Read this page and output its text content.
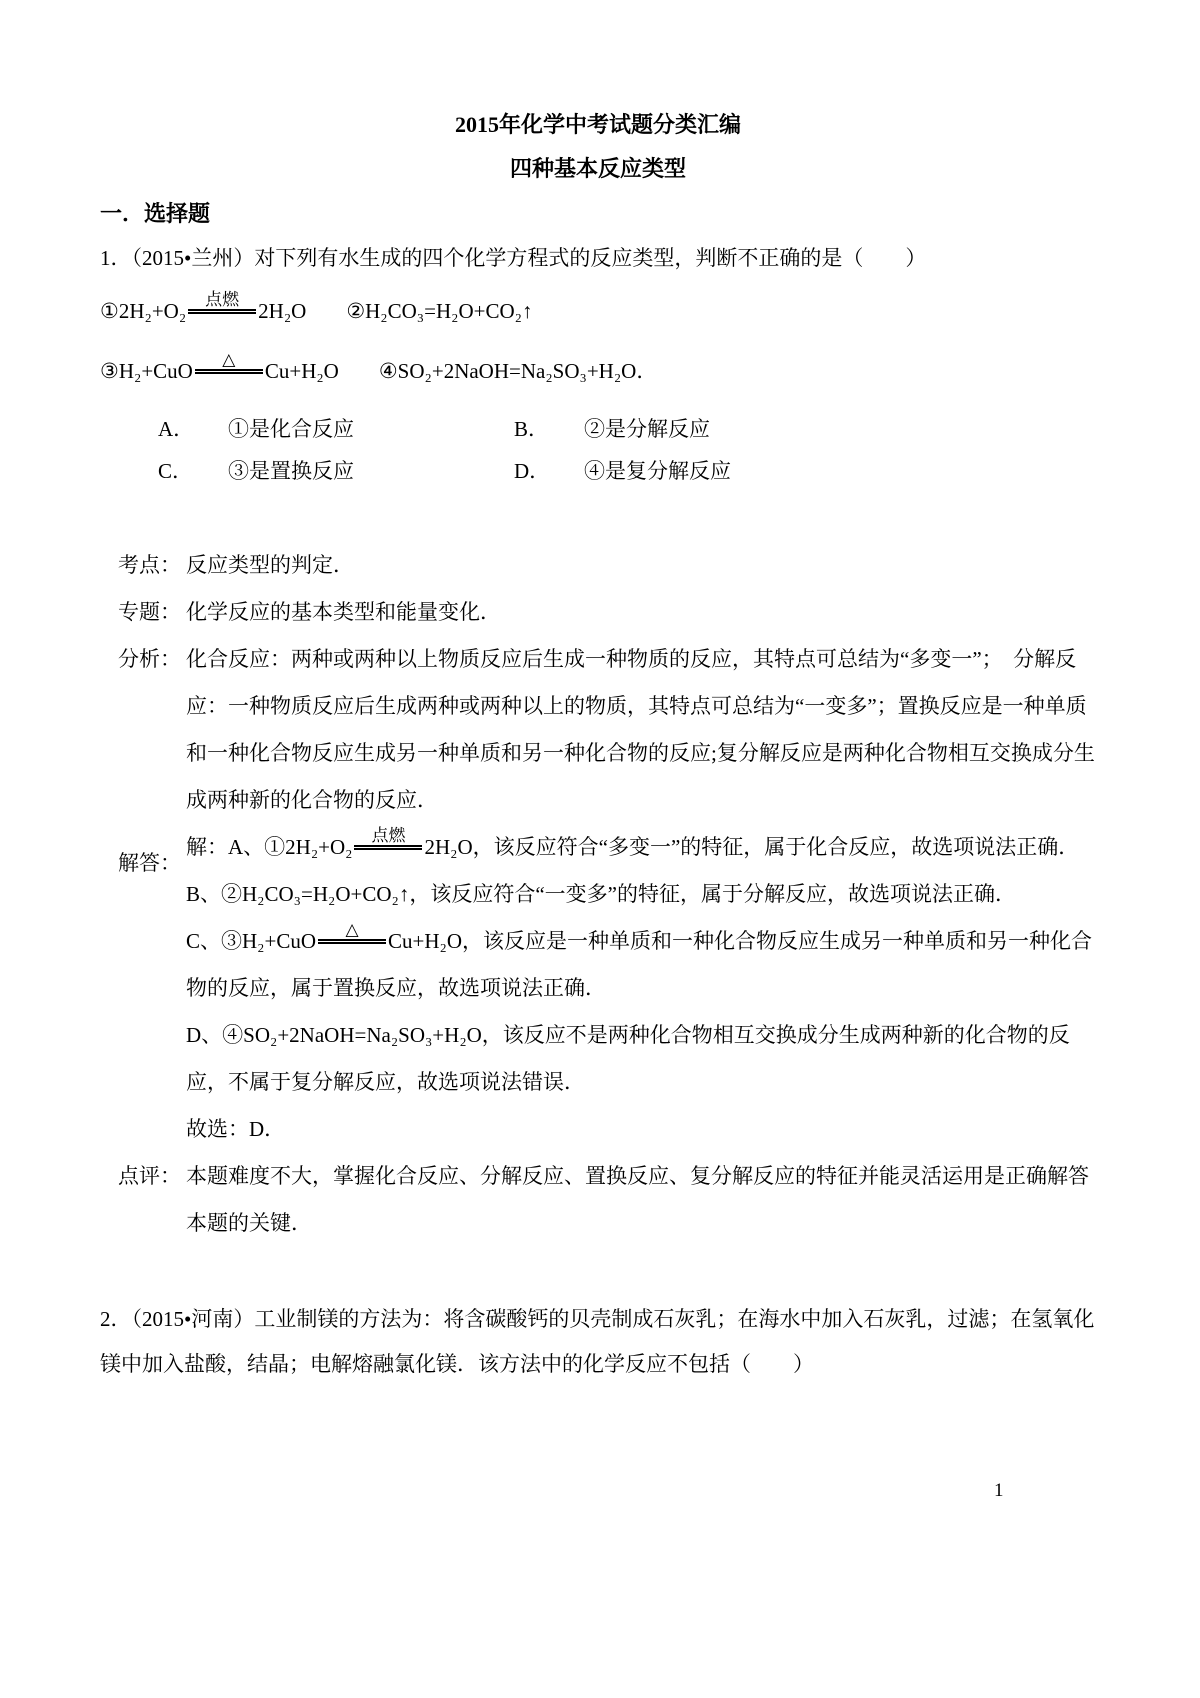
2015年化学中考试题分类汇编
四种基本反应类型
一．选择题

1．（2015•兰州）对下列有水生成的四个化学方程式的反应类型，判断不正确的是（　　）

①2H₂+O₂	点燃 2H₂O ②H₂CO₃=H₂O+CO₂↑
③H₂+CuO	△	Cu+H₂O ④SO₂+2NaOH=Na₂SO₃+H₂O．
A．	①是化合反应	B．	②是分解反应
C．	③是置换反应	D．	④是复分解反应
考点： 反应类型的判定．
专题： 化学反应的基本类型和能量变化．
分析： 化合反应：两种或两种以上物质反应后生成一种物质的反应，其特点可总结为“多变一”；　分解反应：一种物质反应后生成两种或两种以上的物质，其特点可总结为“一变多”；置换反应是一种单质和一种化合物反应生成另一种单质和另一种化合物的反应;复分解反应是两种化合物相互交换成分生成两种新的化合物的反应．
解答：

解：A、①2H₂+O₂	点燃 2H₂O，该反应符合“多变一”的特征，属于化合反应，故选项说法正确．

B、②H₂CO₃=H₂O+CO₂↑，该反应符合“一变多”的特征，属于分解反应，故选项说法正确．

C、③H₂+CuO	△	Cu+H₂O，该反应是一种单质和一种化合物反应生成另一种单质和另一种化合物的反应，属于置换反应，故选项说法正确．

D、④SO₂+2NaOH=Na₂SO₃+H₂O，该反应不是两种化合物相互交换成分生成两种新的化合物的反应，不属于复分解反应，故选项说法错误．

故选：D．

点评： 本题难度不大，掌握化合反应、分解反应、置换反应、复分解反应的特征并能灵活运用是正确解答本题的关键．

2．（2015•河南）工业制镁的方法为：将含碳酸钙的贝壳制成石灰乳；在海水中加入石灰乳，过滤；在氢氧化镁中加入盐酸，结晶；电解熔融氯化镁．该方法中的化学反应不包括（　　）

1
